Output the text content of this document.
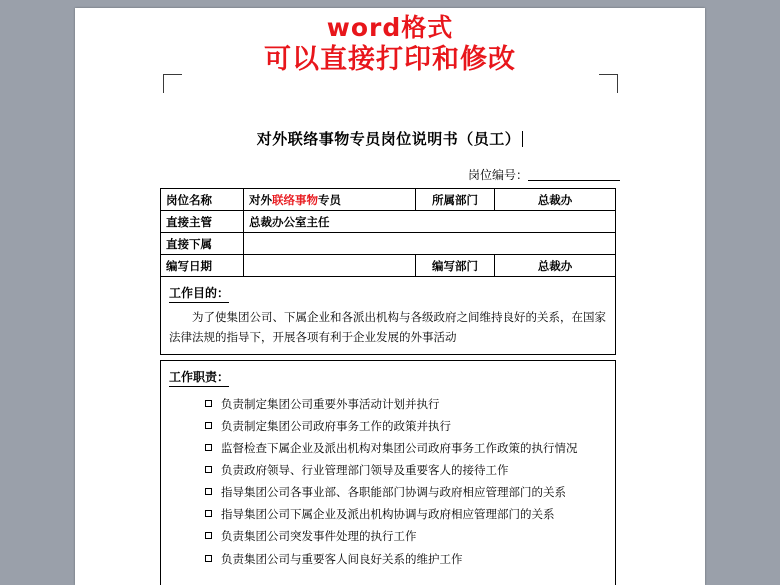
word格式
可以直接打印和修改
对外联络事物专员岗位说明书（员工）
岗位编号：
岗位名称	对外联络事物专员	所属部门	总裁办
直接主管	总裁办公室主任		
直接下属			
编写日期		编写部门	总裁办
工作目的：

为了使集团公司、下属企业和各派出机构与各级政府之间维持良好的关系，在国家法律法规的指导下，开展各项有利于企业发展的外事活动

工作职责：
负责制定集团公司重要外事活动计划并执行
负责制定集团公司政府事务工作的政策并执行
监督检查下属企业及派出机构对集团公司政府事务工作政策的执行情况
负责政府领导、行业管理部门领导及重要客人的接待工作
指导集团公司各事业部、各职能部门协调与政府相应管理部门的关系
指导集团公司下属企业及派出机构协调与政府相应管理部门的关系
负责集团公司突发事件处理的执行工作
负责集团公司与重要客人间良好关系的维护工作
